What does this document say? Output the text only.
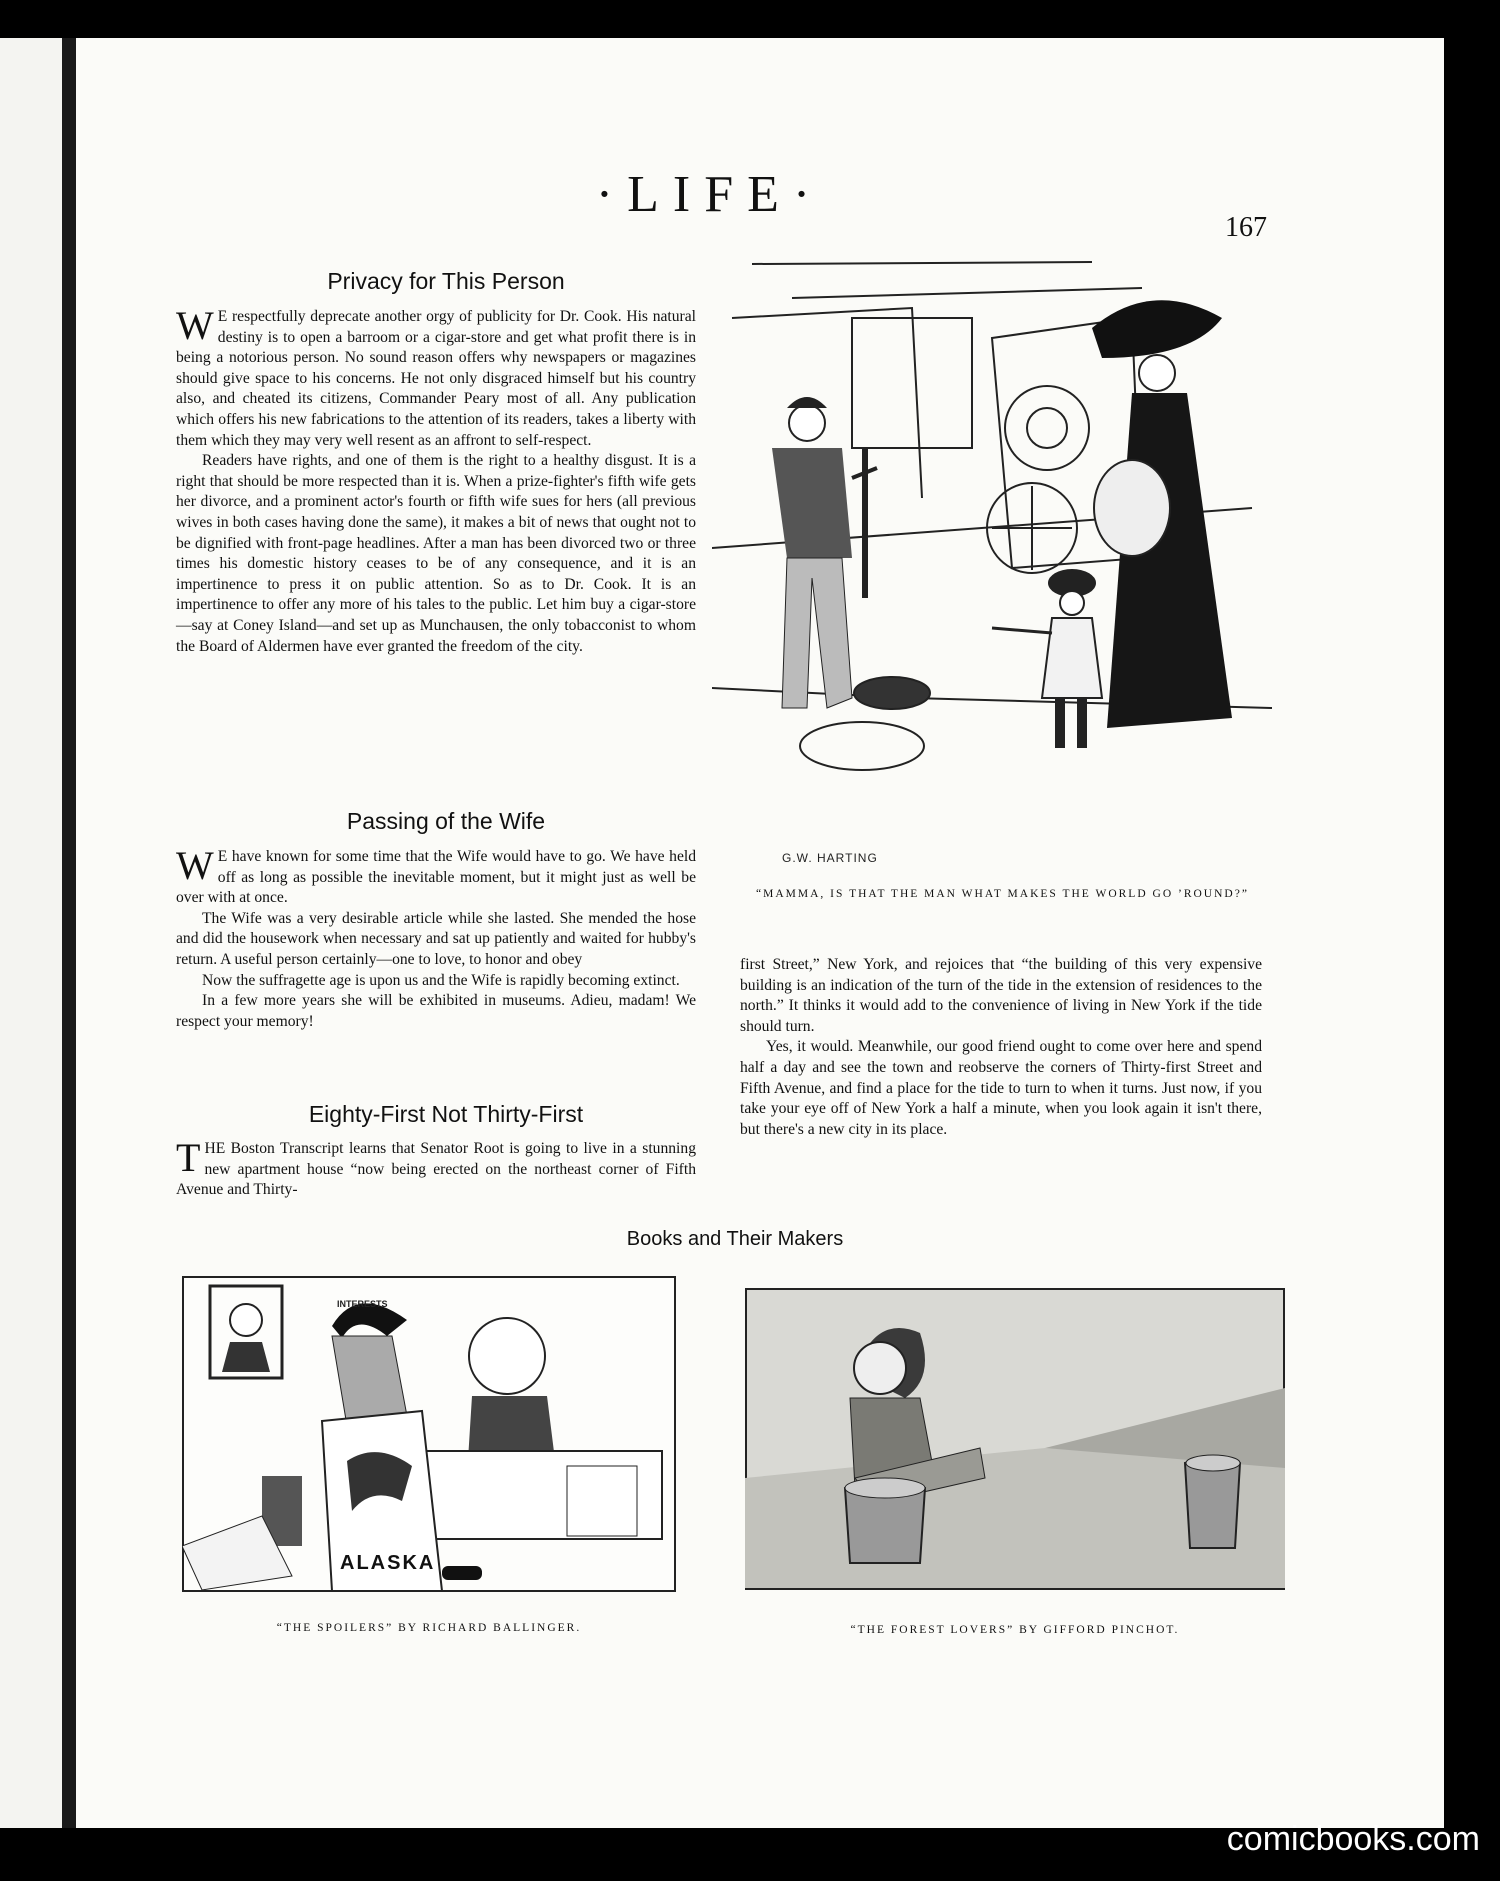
·LIFE·
167
Privacy for This Person

W E respectfully deprecate another orgy of publicity for Dr. Cook. His natural destiny is to open a barroom or a cigar-store and get what profit there is in being a notorious person. No sound reason offers why newspapers or magazines should give space to his concerns. He not only disgraced himself but his country also, and cheated its citizens, Commander Peary most of all. Any publication which offers his new fabrications to the attention of its readers, takes a liberty with them which they may very well resent as an affront to self-respect.

Readers have rights, and one of them is the right to a healthy disgust. It is a right that should be more respected than it is. When a prize-fighter's fifth wife gets her divorce, and a prominent actor's fourth or fifth wife sues for hers (all previous wives in both cases having done the same), it makes a bit of news that ought not to be dignified with front-page headlines. After a man has been divorced two or three times his domestic history ceases to be of any consequence, and it is an impertinence to press it on public attention. So as to Dr. Cook. It is an impertinence to offer any more of his tales to the public. Let him buy a cigar-store—say at Coney Island—and set up as Munchausen, the only tobacconist to whom the Board of Aldermen have ever granted the freedom of the city.

Passing of the Wife

W E have known for some time that the Wife would have to go. We have held off as long as possible the inevitable moment, but it might just as well be over with at once.

The Wife was a very desirable article while she lasted. She mended the hose and did the housework when necessary and sat up patiently and waited for hubby's return. A useful person certainly—one to love, to honor and obey

Now the suffragette age is upon us and the Wife is rapidly becoming extinct.

In a few more years she will be exhibited in museums. Adieu, madam! We respect your memory!

Eighty-First Not Thirty-First

THE Boston Transcript learns that Senator Root is going to live in a stunning new apartment house “now being erected on the northeast corner of Fifth Avenue and Thirty-

first Street,” New York, and rejoices that “the building of this very expensive building is an indication of the turn of the tide in the extension of residences to the north.” It thinks it would add to the convenience of living in New York if the tide should turn.

Yes, it would. Meanwhile, our good friend ought to come over here and spend half a day and see the town and reobserve the corners of Thirty-first Street and Fifth Avenue, and find a place for the tide to turn to when it turns. Just now, if you take your eye off of New York a half a minute, when you look again it isn't there, but there's a new city in its place.

G.W. HARTING
“MAMMA, IS THAT THE MAN WHAT MAKES THE WORLD GO ’ROUND?”
Books and Their Makers
INTERESTS
ALASKA
“THE SPOILERS” BY RICHARD BALLINGER.	“THE FOREST LOVERS” BY GIFFORD PINCHOT.
comicbooks.com
